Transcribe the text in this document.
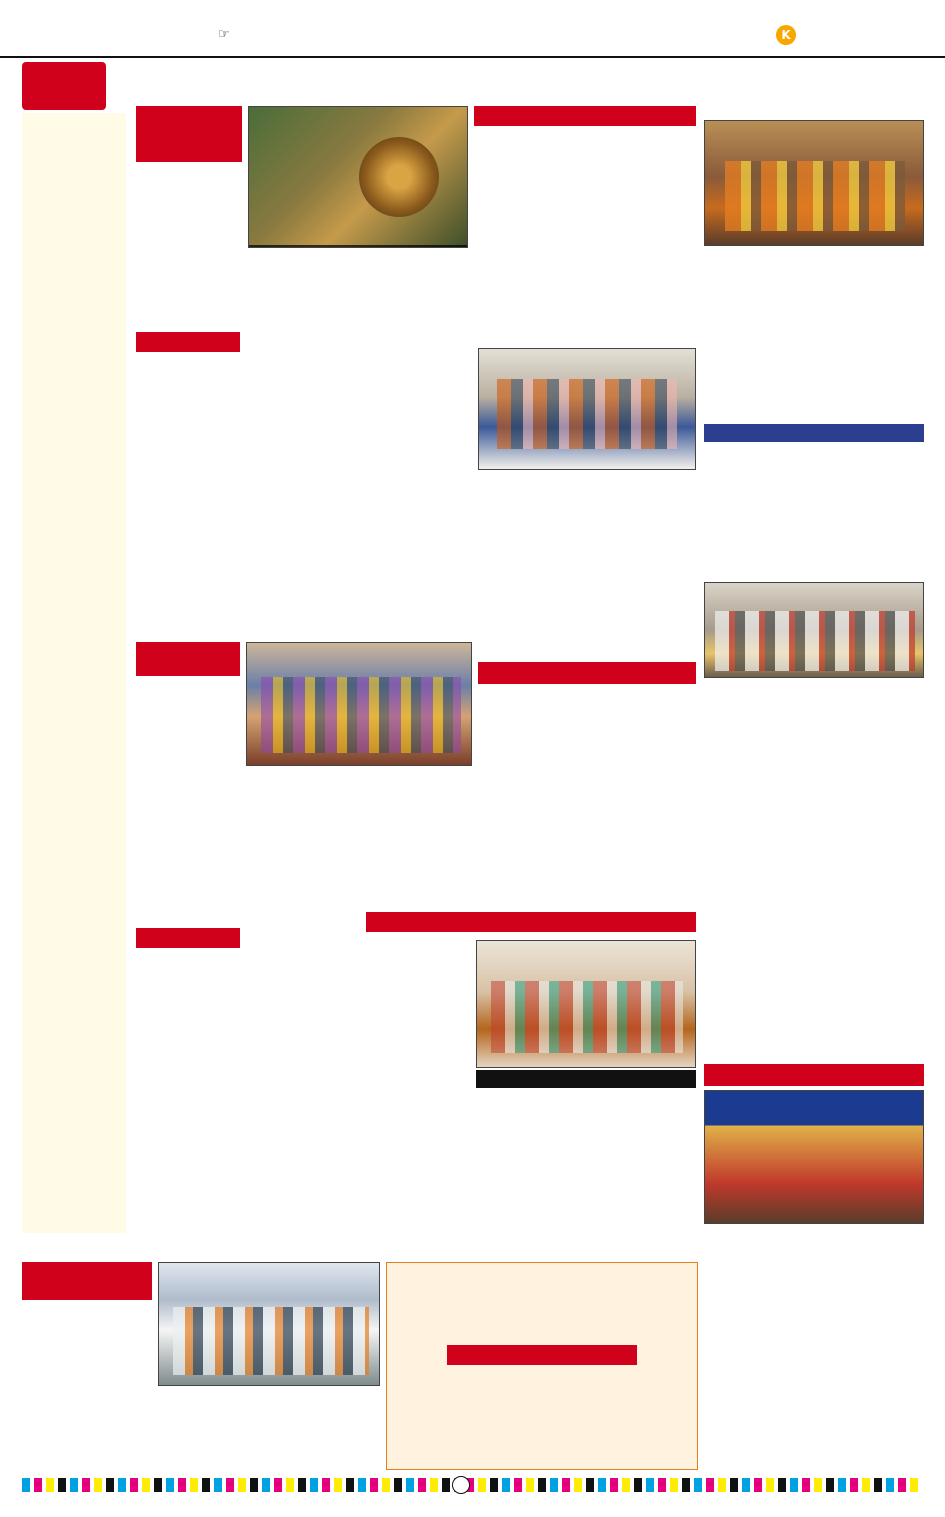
☞	K
